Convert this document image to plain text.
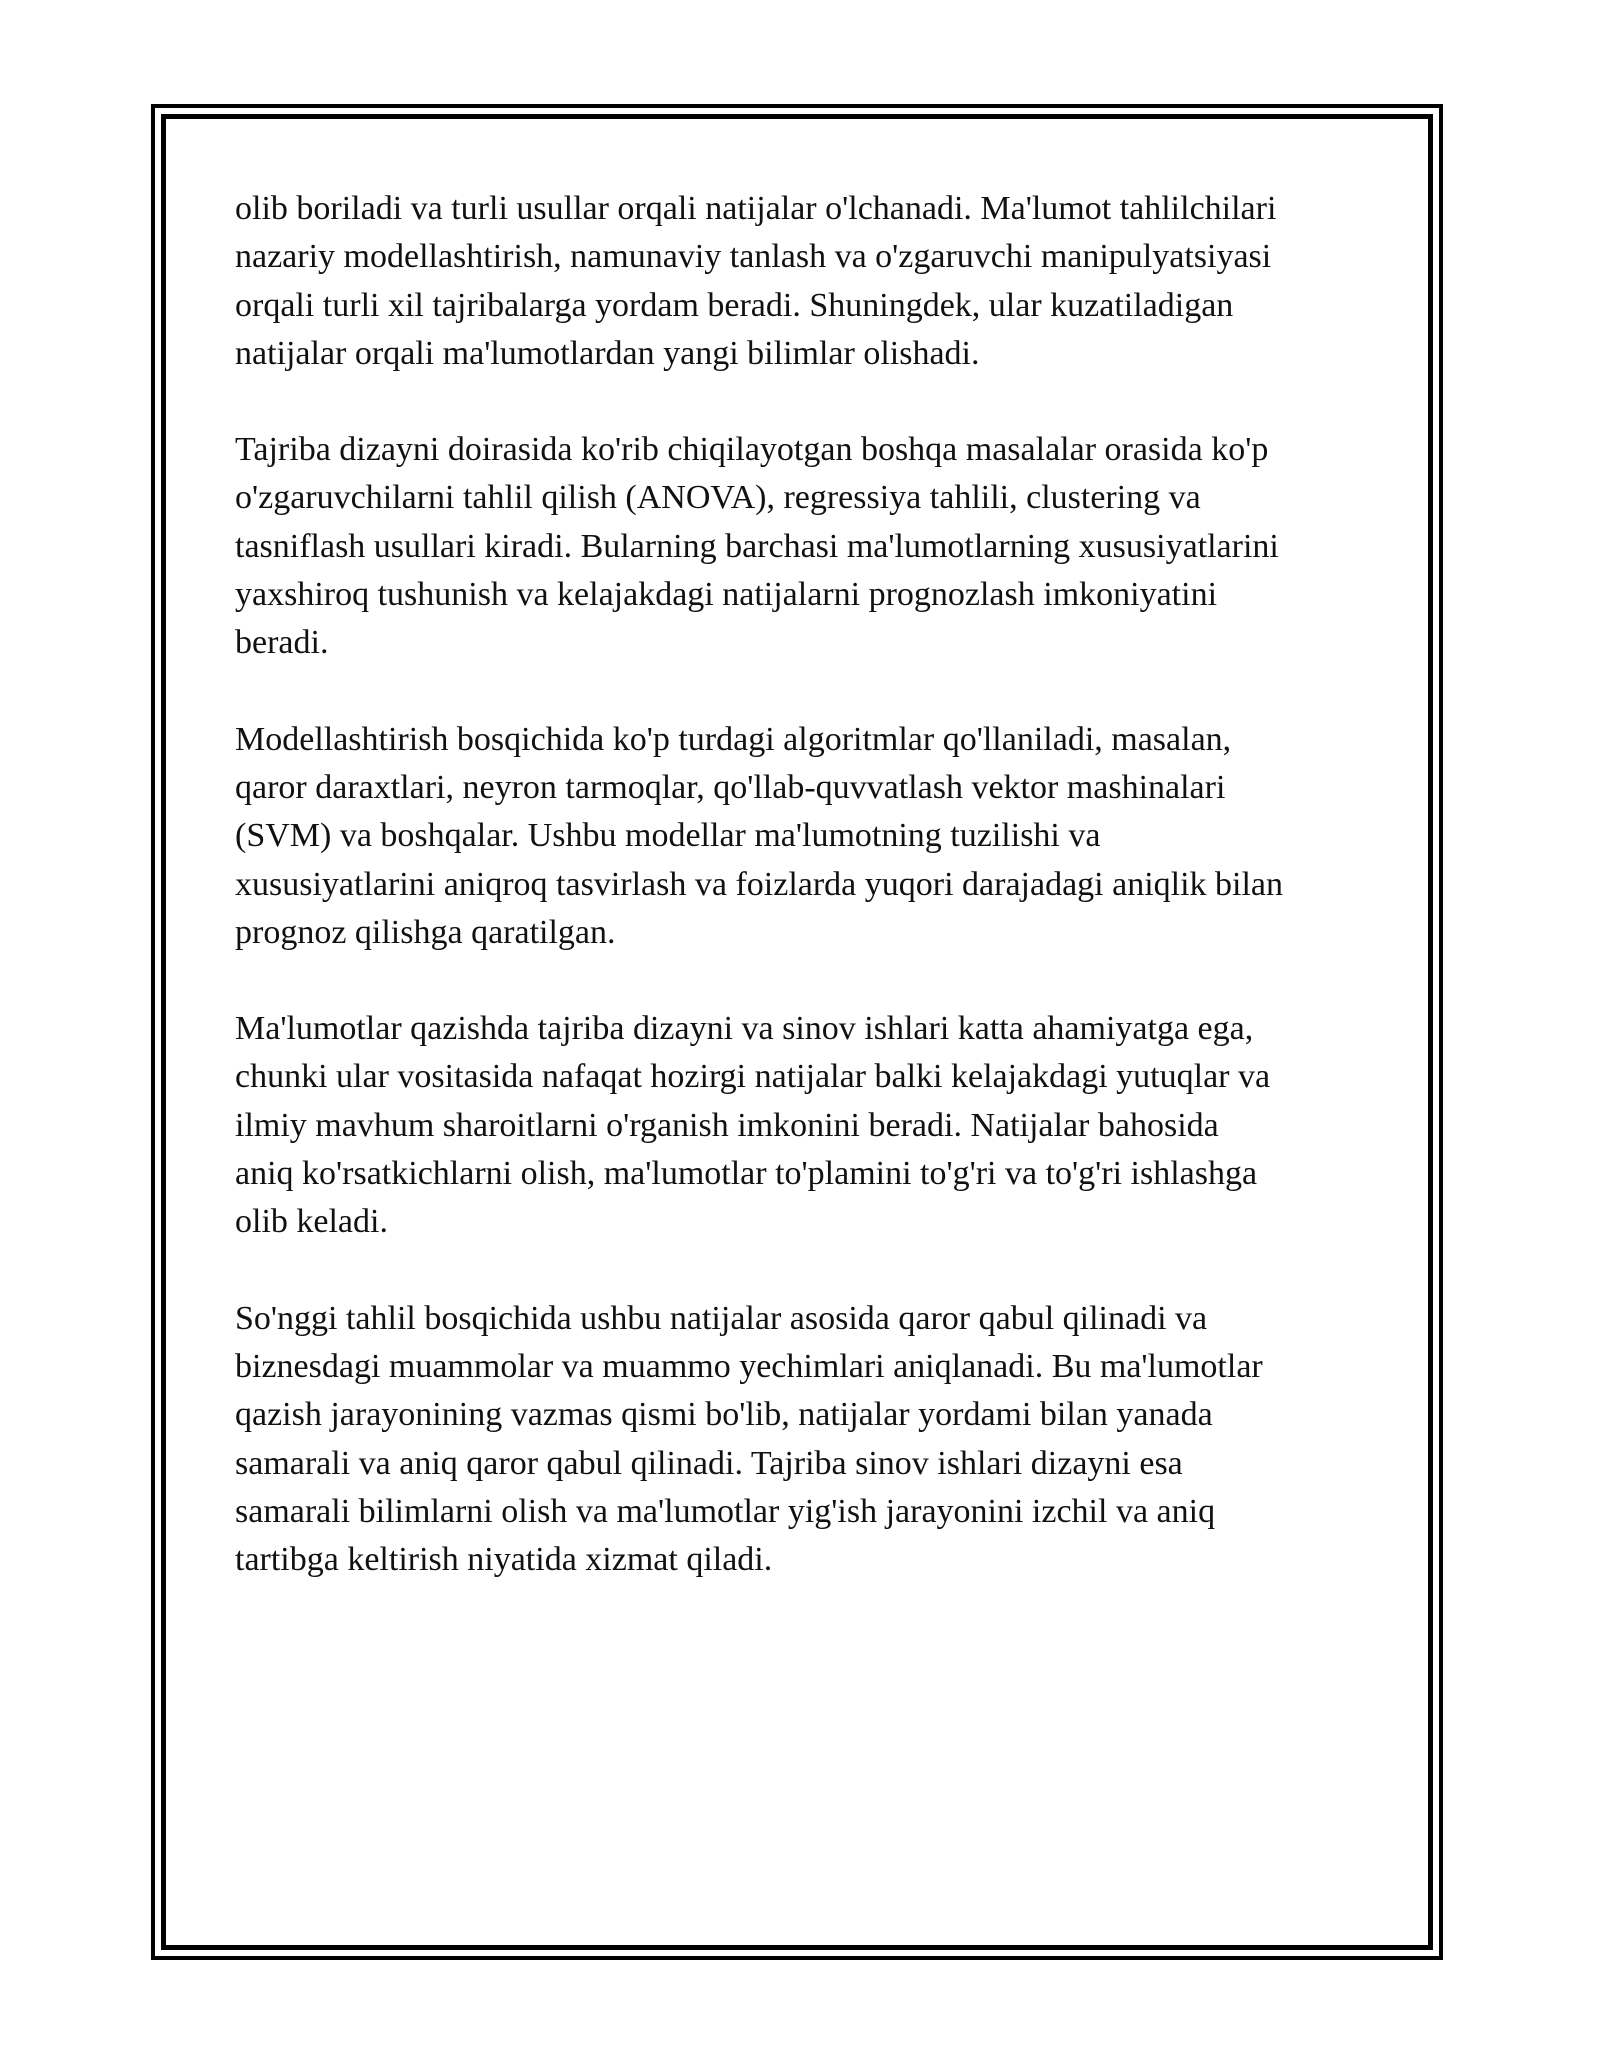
olib boriladi va turli usullar orqali natijalar o'lchanadi. Ma'lumot tahlilchilari
nazariy modellashtirish, namunaviy tanlash va o'zgaruvchi manipulyatsiyasi
orqali turli xil tajribalarga yordam beradi. Shuningdek, ular kuzatiladigan
natijalar orqali ma'lumotlardan yangi bilimlar olishadi.

Tajriba dizayni doirasida ko'rib chiqilayotgan boshqa masalalar orasida ko'p
o'zgaruvchilarni tahlil qilish (ANOVA), regressiya tahlili, clustering va
tasniflash usullari kiradi. Bularning barchasi ma'lumotlarning xususiyatlarini
yaxshiroq tushunish va kelajakdagi natijalarni prognozlash imkoniyatini
beradi.

Modellashtirish bosqichida ko'p turdagi algoritmlar qo'llaniladi, masalan,
qaror daraxtlari, neyron tarmoqlar, qo'llab-quvvatlash vektor mashinalari
(SVM) va boshqalar. Ushbu modellar ma'lumotning tuzilishi va
xususiyatlarini aniqroq tasvirlash va foizlarda yuqori darajadagi aniqlik bilan
prognoz qilishga qaratilgan.

Ma'lumotlar qazishda tajriba dizayni va sinov ishlari katta ahamiyatga ega,
chunki ular vositasida nafaqat hozirgi natijalar balki kelajakdagi yutuqlar va
ilmiy mavhum sharoitlarni o'rganish imkonini beradi. Natijalar bahosida
aniq ko'rsatkichlarni olish, ma'lumotlar to'plamini to'g'ri va to'g'ri ishlashga
olib keladi.

So'nggi tahlil bosqichida ushbu natijalar asosida qaror qabul qilinadi va
biznesdagi muammolar va muammo yechimlari aniqlanadi. Bu ma'lumotlar
qazish jarayonining vazmas qismi bo'lib, natijalar yordami bilan yanada
samarali va aniq qaror qabul qilinadi. Tajriba sinov ishlari dizayni esa
samarali bilimlarni olish va ma'lumotlar yig'ish jarayonini izchil va aniq
tartibga keltirish niyatida xizmat qiladi.
